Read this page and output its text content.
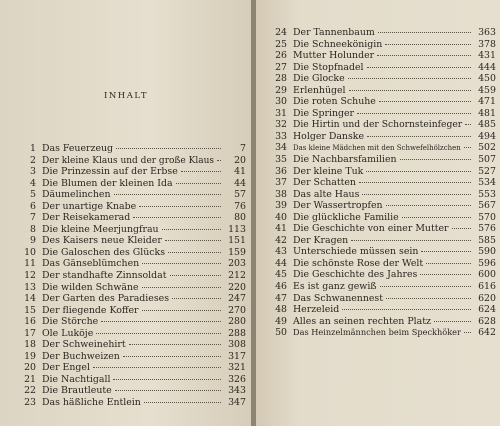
INHALT
1 Das Feuerzeug	7
2 Der kleine Klaus und der große Klaus	20
3 Die Prinzessin auf der Erbse	41
4 Die Blumen der kleinen Ida	44
5 Däumelinchen	57
6 Der unartige Knabe	76
7 Der Reisekamerad	80
8 Die kleine Meerjungfrau	113
9 Des Kaisers neue Kleider	151
10 Die Galoschen des Glücks	159
11 Das Gänseblümchen	203
12 Der standhafte Zinnsoldat	212
13 Die wilden Schwäne	220
14 Der Garten des Paradieses	247
15 Der fliegende Koffer	270
16 Die Störche	280
17 Ole Luköje	288
18 Der Schweinehirt	308
19 Der Buchweizen	317
20 Der Engel	321
21 Die Nachtigall	326
22 Die Brautleute	343
23 Das häßliche Entlein	347
24 Der Tannenbaum	363
25 Die Schneekönigin	378
26 Mutter Holunder	431
27 Die Stopfnadel	444
28 Die Glocke	450
29 Erlenhügel	459
30 Die roten Schuhe	471
31 Die Springer	481
32 Die Hirtin und der Schornsteinfeger	485
33 Holger Danske	494
34 Das kleine Mädchen mit den Schwefelhölzchen	502
35 Die Nachbarsfamilien	507
36 Der kleine Tuk	527
37 Der Schatten	534
38 Das alte Haus	553
39 Der Wassertropfen	567
40 Die glückliche Familie	570
41 Die Geschichte von einer Mutter	576
42 Der Kragen	585
43 Unterschiede müssen sein	590
44 Die schönste Rose der Welt	596
45 Die Geschichte des Jahres	600
46 Es ist ganz gewiß	616
47 Das Schwanennest	620
48 Herzeleid	624
49 Alles an seinen rechten Platz	628
50 Das Heinzelmännchen beim Speckhöker	642
